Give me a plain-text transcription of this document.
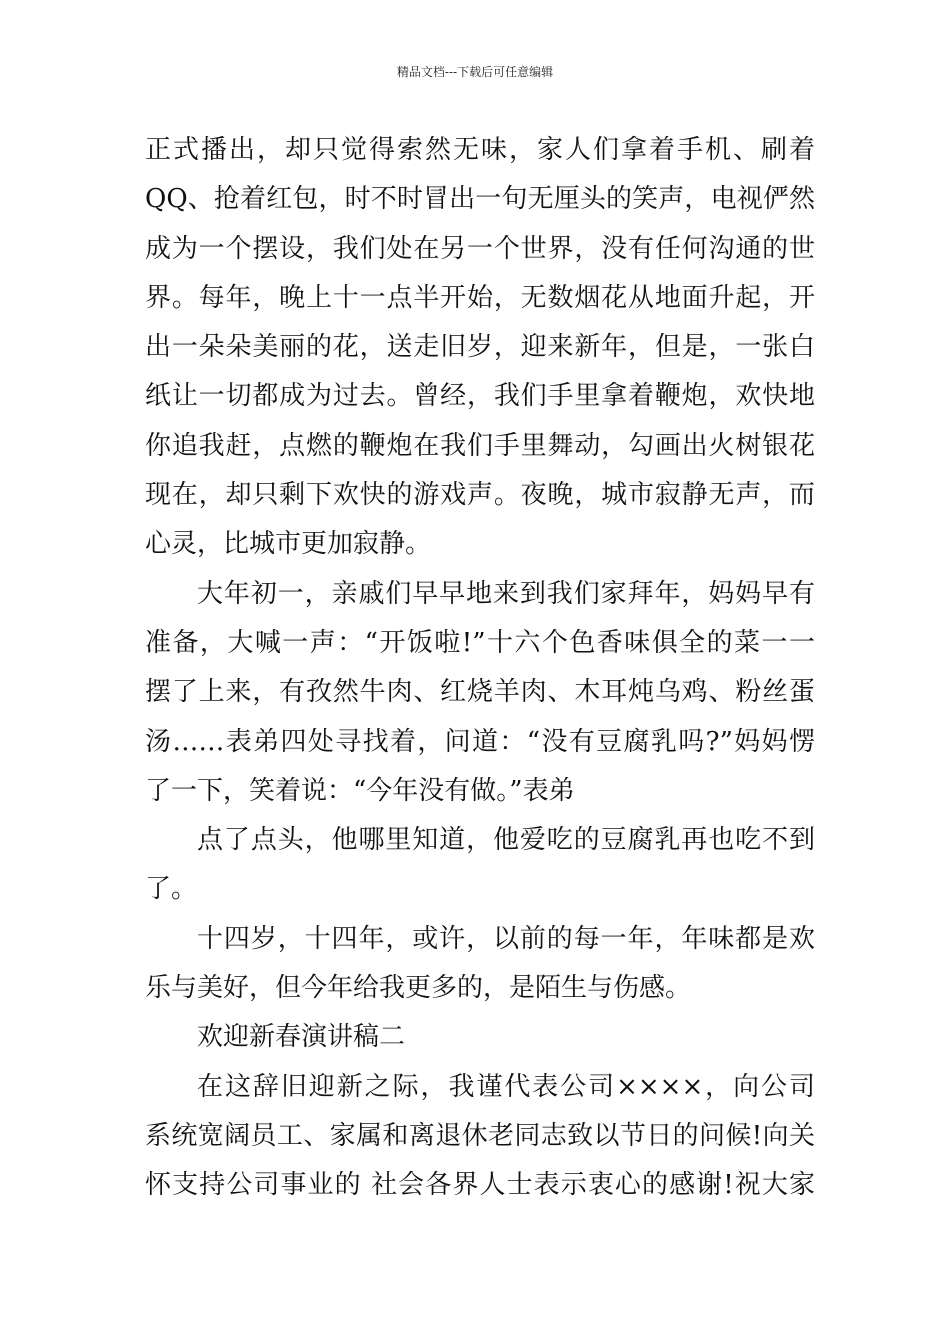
精品文档---下载后可任意编辑
正式播出，却只觉得索然无味，家人们拿着手机、刷着
QQ、抢着红包，时不时冒出一句无厘头的笑声，电视俨然
成为一个摆设，我们处在另一个世界，没有任何沟通的世
界。每年，晚上十一点半开始，无数烟花从地面升起，开
出一朵朵美丽的花，送走旧岁，迎来新年，但是，一张白
纸让一切都成为过去。曾经，我们手里拿着鞭炮，欢快地
你追我赶，点燃的鞭炮在我们手里舞动，勾画出火树银花
现在，却只剩下欢快的游戏声。夜晚，城市寂静无声，而
心灵，比城市更加寂静。
大年初一，亲戚们早早地来到我们家拜年，妈妈早有
准备，大喊一声：“开饭啦!”十六个色香味俱全的菜一一
摆了上来，有孜然牛肉、红烧羊肉、木耳炖乌鸡、粉丝蛋
汤……表弟四处寻找着，问道：“没有豆腐乳吗?”妈妈愣
了一下，笑着说：“今年没有做。”表弟
点了点头，他哪里知道，他爱吃的豆腐乳再也吃不到
了。
十四岁，十四年，或许，以前的每一年，年味都是欢
乐与美好，但今年给我更多的，是陌生与伤感。
欢迎新春演讲稿二
在这辞旧迎新之际，我谨代表公司××××，向公司
系统宽阔员工、家属和离退休老同志致以节日的问候!向关
怀支持公司事业的 社会各界人士表示衷心的感谢!祝大家
